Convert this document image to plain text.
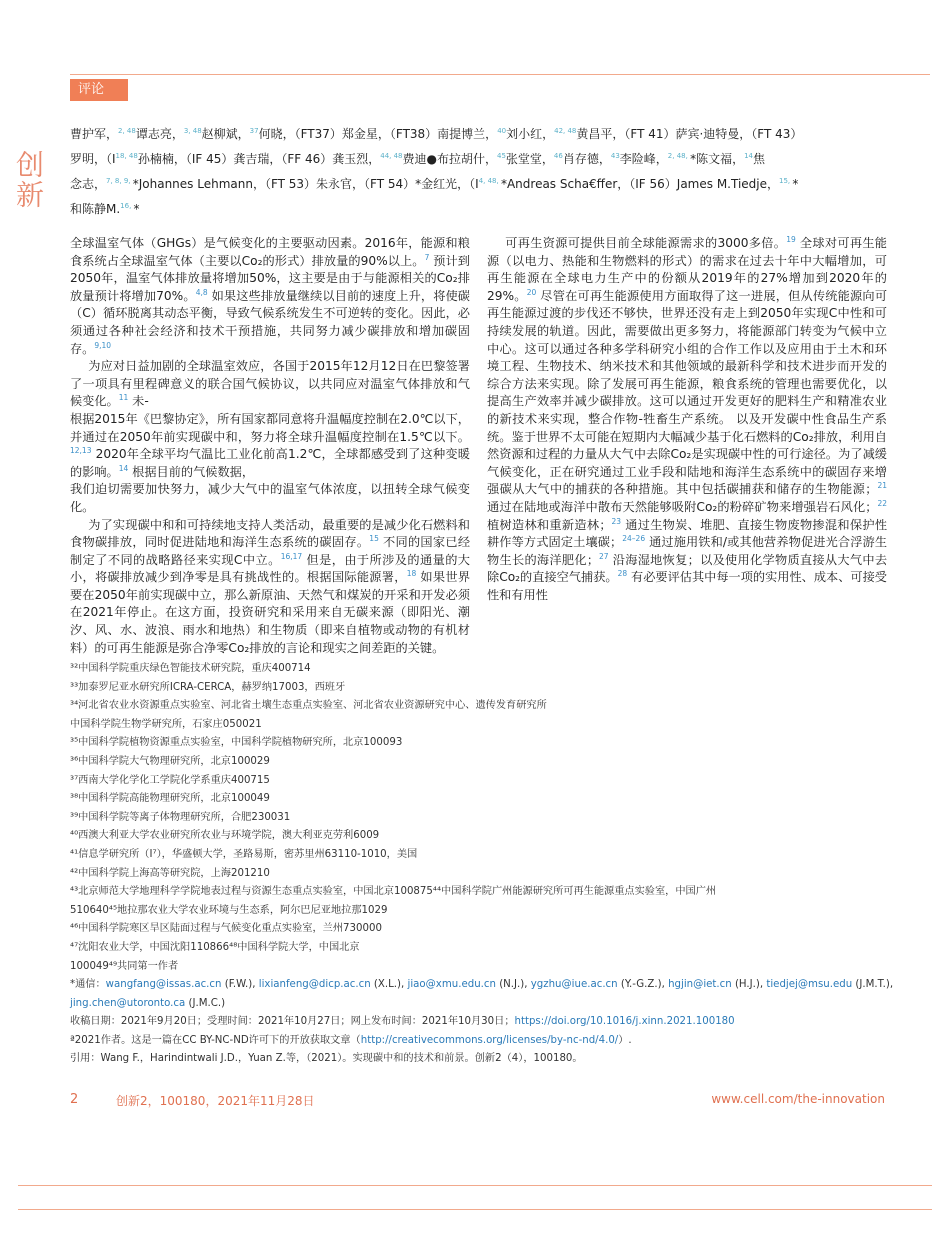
创新
评论
曹护军，$^{2, 48}$谭志亮，$^{3, 48}$赵柳斌，$^{37}$何晓，（FT37）郑金星，（FT38）南提博兰，$^{40}$刘小红，$^{42, 48}$黄昌平，（FT 41）萨宾·迪特曼，（FT 43）
罗明，（$I^{18, 48}$孙楠楠，（IF 45）龚吉瑞，（FF 46）龚玉烈，$^{44, 48}$费迪●布拉胡什，$^{45}$张堂堂，$^{46}$肖存德，$^{43}$李险峰，$^{2, 48,}$ *陈文福，$^{14}$焦
念志，$^{7, 8, 9,}$ *Johannes Lehmann，（FT 53）朱永官，（FT 54）*金红光，（$I^{4, 48,}$ *Andreas Scha€ffer，（IF 56）James M.Tiedje，$^{15,}$ *
和陈静M.$^{16,}$ *

全球温室气体（GHGs）是气候变化的主要驱动因素。2016年，能源和粮食系统占全球温室气体（主要以Co₂的形式）排放量的90%以上。$^7$ 预计到2050年，温室气体排放量将增加50%，这主要是由于与能源相关的Co₂排放量预计将增加70%。$^{4,8}$ 如果这些排放量继续以目前的速度上升，将使碳（C）循环脱离其动态平衡，导致气候系统发生不可逆转的变化。因此，必须通过各种社会经济和技术干预措施，共同努力减少碳排放和增加碳固存。$^{9,10}$

为应对日益加剧的全球温室效应，各国于2015年12月12日在巴黎签署了一项具有里程碑意义的联合国气候协议，以共同应对温室气体排放和气候变化。$^{11}$ 未-

根据2015年《巴黎协定》，所有国家都同意将升温幅度控制在2.0℃以下，并通过在2050年前实现碳中和，努力将全球升温幅度控制在1.5℃以下。$^{12,13}$ 2020年全球平均气温比工业化前高1.2℃，全球都感受到了这种变暖的影响。$^{14}$ 根据目前的气候数据，

我们迫切需要加快努力，减少大气中的温室气体浓度，以扭转全球气候变化。

为了实现碳中和和可持续地支持人类活动，最重要的是减少化石燃料和食物碳排放，同时促进陆地和海洋生态系统的碳固存。$^{15}$ 不同的国家已经制定了不同的战略路径来实现C中立。$^{16,17}$ 但是，由于所涉及的通量的大小，将碳排放减少到净零是具有挑战性的。根据国际能源署，$^{18}$ 如果世界要在2050年前实现碳中立，那么新原油、天然气和煤炭的开采和开发必须在2021年停止。在这方面，投资研究和采用来自无碳来源（即阳光、潮汐、风、水、波浪、雨水和地热）和生物质（即来自植物或动物的有机材料）的可再生能源是弥合净零Co₂排放的言论和现实之间差距的关键。

可再生资源可提供目前全球能源需求的3000多倍。$^{19}$ 全球对可再生能源（以电力、热能和生物燃料的形式）的需求在过去十年中大幅增加，可再生能源在全球电力生产中的份额从2019年的27%增加到2020年的29%。$^{20}$ 尽管在可再生能源使用方面取得了这一进展，但从传统能源向可再生能源过渡的步伐还不够快，世界还没有走上到2050年实现C中性和可持续发展的轨道。因此，需要做出更多努力，将能源部门转变为气候中立中心。这可以通过各种多学科研究小组的合作工作以及应用由于土木和环境工程、生物技术、纳米技术和其他领域的最新科学和技术进步而开发的综合方法来实现。除了发展可再生能源，粮食系统的管理也需要优化，以提高生产效率并减少碳排放。这可以通过开发更好的肥料生产和精准农业的新技术来实现，整合作物-牲畜生产系统。 以及开发碳中性食品生产系统。鉴于世界不太可能在短期内大幅减少基于化石燃料的Co₂排放，利用自然资源和过程的力量从大气中去除Co₂是实现碳中性的可行途径。为了减缓气候变化，正在研究通过工业手段和陆地和海洋生态系统中的碳固存来增强碳从大气中的捕获的各种措施。其中包括碳捕获和储存的生物能源；$^{21}$ 通过在陆地或海洋中散布天然能够吸附Co₂的粉碎矿物来增强岩石风化；$^{22}$ 植树造林和重新造林；$^{23}$ 通过生物炭、堆肥、直接生物废物掺混和保护性耕作等方式固定土壤碳；$^{24-26}$ 通过施用铁和/或其他营养物促进光合浮游生物生长的海洋肥化；$^{27}$ 沿海湿地恢复；以及使用化学物质直接从大气中去除Co₂的直接空气捕获。$^{28}$ 有必要评估其中每一项的实用性、成本、可接受性和有用性

³²中国科学院重庆绿色智能技术研究院，重庆400714
³³加泰罗尼亚水研究所ICRA-CERCA，赫罗纳17003，西班牙
³⁴河北省农业水资源重点实验室、河北省土壤生态重点实验室、河北省农业资源研究中心、遗传发育研究所
中国科学院生物学研究所，石家庄050021
³⁵中国科学院植物资源重点实验室，中国科学院植物研究所，北京100093
³⁶中国科学院大气物理研究所，北京100029
³⁷西南大学化学化工学院化学系重庆400715
³⁸中国科学院高能物理研究所，北京100049
³⁹中国科学院等离子体物理研究所，合肥230031
⁴⁰西澳大利亚大学农业研究所农业与环境学院，澳大利亚克劳利6009
⁴¹信息学研究所（I⁷），华盛顿大学，圣路易斯，密苏里州63110-1010，美国
⁴²中国科学院上海高等研究院，上海201210
⁴³北京师范大学地理科学学院地表过程与资源生态重点实验室，中国北京100875⁴⁴中国科学院广州能源研究所可再生能源重点实验室，中国广州
510640⁴⁵地拉那农业大学农业环境与生态系，阿尔巴尼亚地拉那1029
⁴⁶中国科学院寒区旱区陆面过程与气候变化重点实验室，兰州730000
⁴⁷沈阳农业大学，中国沈阳110866⁴⁸中国科学院大学，中国北京
100049⁴⁹共同第一作者
*通信：wangfang@issas.ac.cn (F.W.), lixianfeng@dicp.ac.cn (X.L.), jiao@xmu.edu.cn (N.J.), ygzhu@iue.ac.cn (Y.-G.Z.), hgjin@iet.cn (H.J.), tiedjej@msu.edu (J.M.T.),
jing.chen@utoronto.ca (J.M.C.)
收稿日期：2021年9月20日；受理时间：2021年10月27日；网上发布时间：2021年10月30日；https://doi.org/10.1016/j.xinn.2021.100180
ª2021作者。这是一篇在CC BY-NC-ND许可下的开放获取文章（http://creativecommons.org/licenses/by-nc-nd/4.0/）.
引用：Wang F.，Harindintwali J.D.，Yuan Z.等，（2021）。实现碳中和的技术和前景。创新2（4），100180。
2	创新2，100180，2021年11月28日	www.cell.com/the-innovation
